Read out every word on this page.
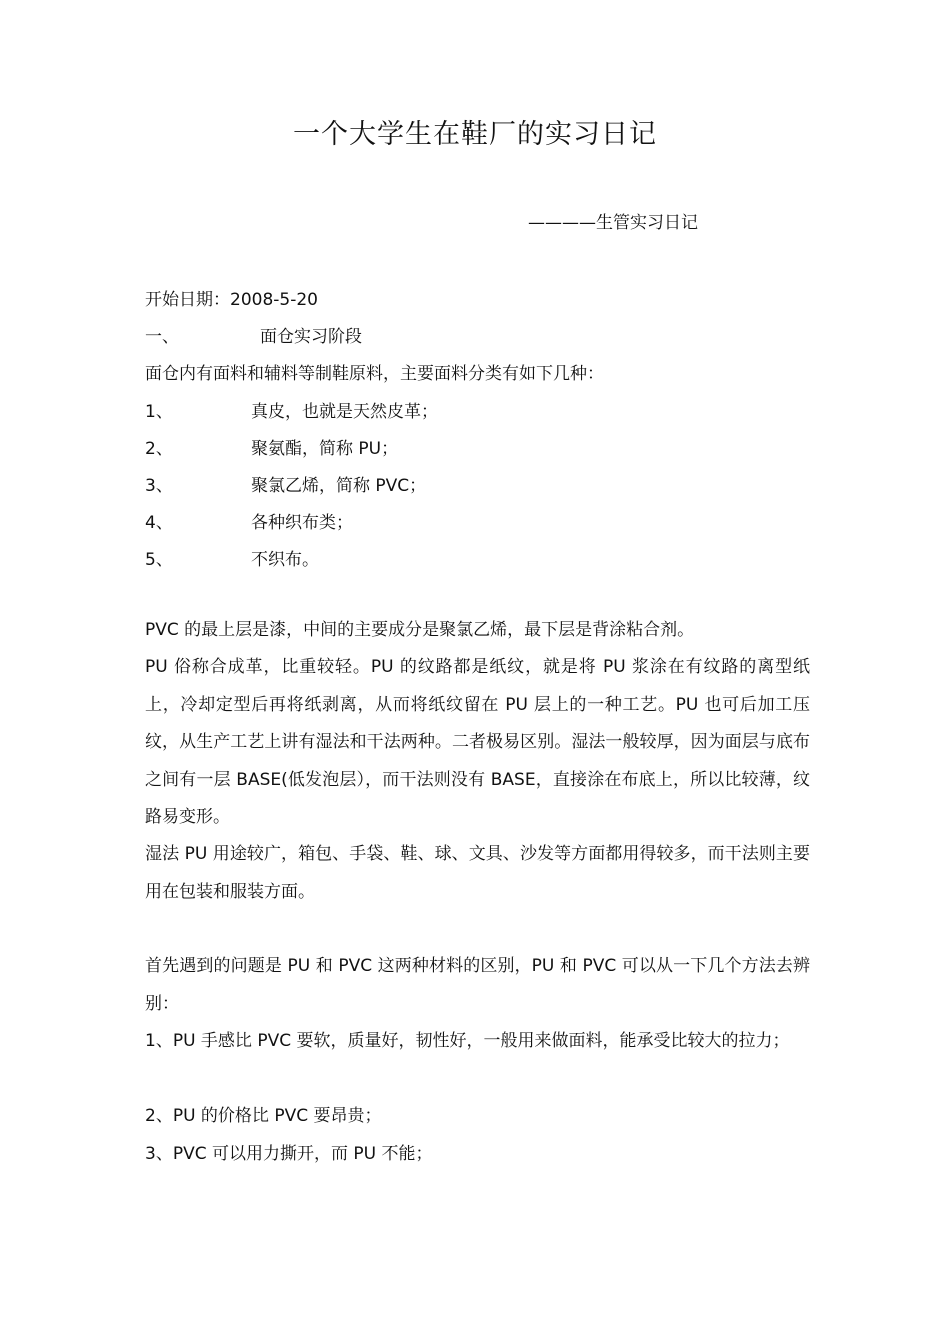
一个大学生在鞋厂的实习日记
————生管实习日记
开始日期：2008-5-20
一、	面仓实习阶段
面仓内有面料和辅料等制鞋原料，主要面料分类有如下几种：
1、	真皮，也就是天然皮革；
2、	聚氨酯，简称 PU；
3、	聚氯乙烯，简称 PVC；
4、	各种织布类；
5、	不织布。
PVC 的最上层是漆，中间的主要成分是聚氯乙烯，最下层是背涂粘合剂。
PU 俗称合成革，比重较轻。PU 的纹路都是纸纹，就是将 PU 浆涂在有纹路的离型纸上，冷却定型后再将纸剥离，从而将纸纹留在 PU 层上的一种工艺。PU 也可后加工压纹，从生产工艺上讲有湿法和干法两种。二者极易区别。湿法一般较厚，因为面层与底布之间有一层 BASE(低发泡层），而干法则没有 BASE，直接涂在布底上，所以比较薄，纹路易变形。
湿法 PU 用途较广，箱包、手袋、鞋、球、文具、沙发等方面都用得较多，而干法则主要用在包装和服装方面。
首先遇到的问题是 PU 和 PVC 这两种材料的区别，PU 和 PVC 可以从一下几个方法去辨别：
1、PU 手感比 PVC 要软，质量好，韧性好，一般用来做面料，能承受比较大的拉力；
2、PU 的价格比 PVC 要昂贵；
3、PVC 可以用力撕开，而 PU 不能；
